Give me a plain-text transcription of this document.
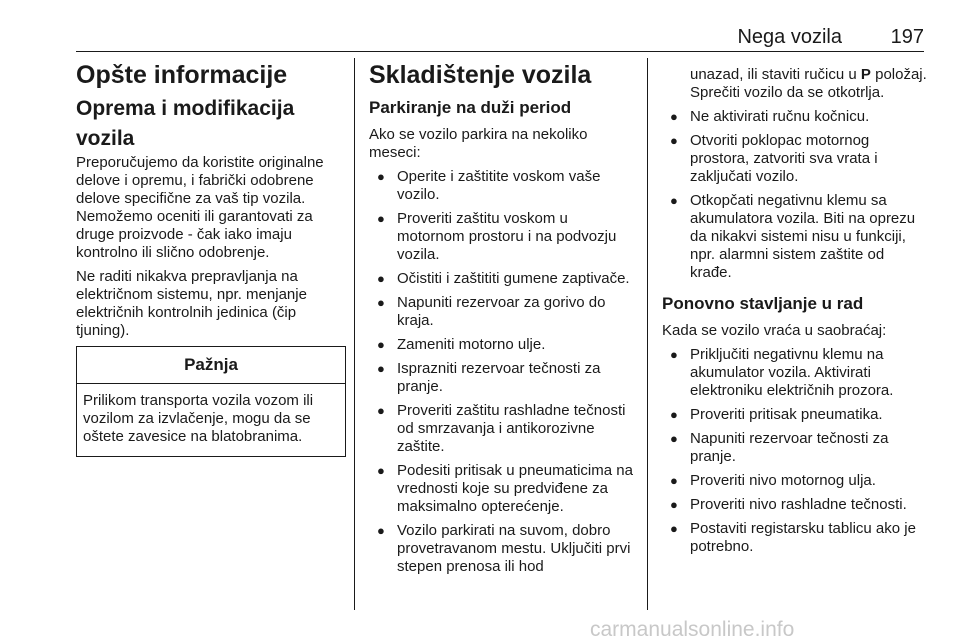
Nega vozila 197
Opšte informacije
Oprema i modifikacija vozila

Preporučujemo da koristite originalne delove i opremu, i fabrički odobrene delove specifične za vaš tip vozila. Nemožemo oceniti ili garantovati za druge proizvode - čak iako imaju kontrolno ili slično odobrenje.

Ne raditi nikakva prepravljanja na električnom sistemu, npr. menjanje električnih kontrolnih jedinica (čip tjuning).

Pažnja
Prilikom transporta vozila vozom ili vozilom za izvlačenje, mogu da se oštete zavesice na blatobranima.
Skladištenje vozila
Parkiranje na duži period

Ako se vozilo parkira na nekoliko meseci:

● Operite i zaštitite voskom vaše vozilo.
● Proveriti zaštitu voskom u motornom prostoru i na podvozju vozila.
● Očistiti i zaštititi gumene zaptivače.
● Napuniti rezervoar za gorivo do kraja.
● Zameniti motorno ulje.
● Isprazniti rezervoar tečnosti za pranje.
● Proveriti zaštitu rashladne tečnosti od smrzavanja i antikorozivne zaštite.
● Podesiti pritisak u pneumaticima na vrednosti koje su predviđene za maksimalno opterećenje.
● Vozilo parkirati na suvom, dobro provetravanom mestu. Uključiti prvi stepen prenosa ili hod

unazad, ili staviti ručicu u P položaj. Sprečiti vozilo da se otkotrlja.

● Ne aktivirati ručnu kočnicu.
● Otvoriti poklopac motornog prostora, zatvoriti sva vrata i zaključati vozilo.
● Otkopčati negativnu klemu sa akumulatora vozila. Biti na oprezu da nikakvi sistemi nisu u funkciji, npr. alarmni sistem zaštite od krađe.
Ponovno stavljanje u rad

Kada se vozilo vraća u saobraćaj:

● Priključiti negativnu klemu na akumulator vozila. Aktivirati elektroniku električnih prozora.
● Proveriti pritisak pneumatika.
● Napuniti rezervoar tečnosti za pranje.
● Proveriti nivo motornog ulja.
● Proveriti nivo rashladne tečnosti.
● Postaviti registarsku tablicu ako je potrebno.
carmanualsonline.info
